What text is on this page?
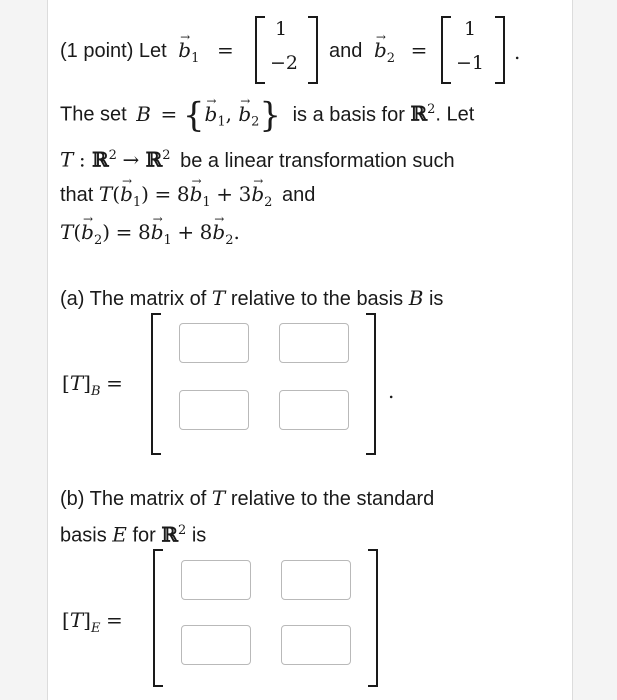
(1 point) Let → $b_1$ =
1
−2
and → $b_2$ =
1
−1 .
The set B = {→ $b_1$, → $b_2$} is a basis for ℝ$^2$. Let
T : ℝ$^2$ → ℝ$^2$ be a linear transformation such
that $T(\to b_1) = 8\to b_1 + 3\to b_2$ and
$T(\to b_2) = 8\to b_1 + 8\to b_2$.
(a) The matrix of T relative to the basis B is
$[T]_B$ =	.
(b) The matrix of T relative to the standard
basis E for ℝ$^2$ is
$[T]_E$ =
